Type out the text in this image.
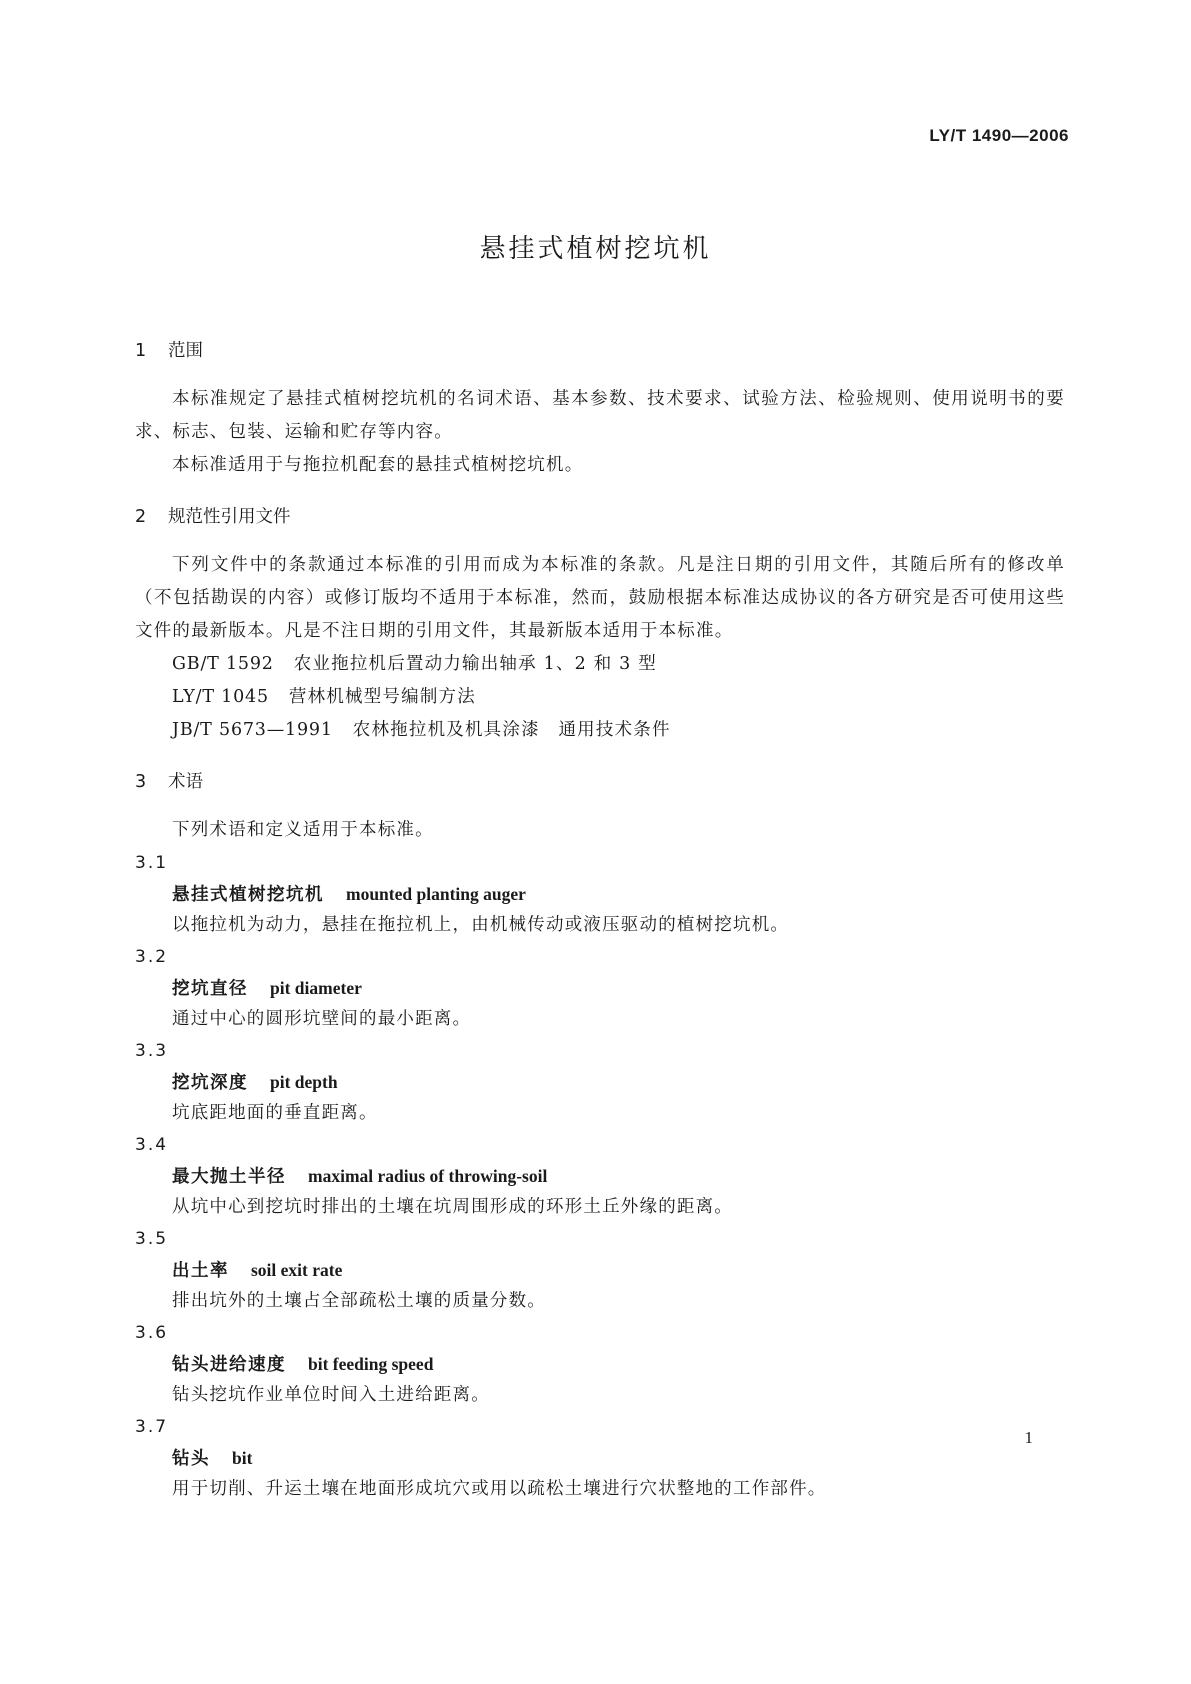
LY/T 1490—2006
悬挂式植树挖坑机
1 范围

本标准规定了悬挂式植树挖坑机的名词术语、基本参数、技术要求、试验方法、检验规则、使用说明书的要求、标志、包装、运输和贮存等内容。

本标准适用于与拖拉机配套的悬挂式植树挖坑机。

2 规范性引用文件

下列文件中的条款通过本标准的引用而成为本标准的条款。凡是注日期的引用文件，其随后所有的修改单（不包括勘误的内容）或修订版均不适用于本标准，然而，鼓励根据本标准达成协议的各方研究是否可使用这些文件的最新版本。凡是不注日期的引用文件，其最新版本适用于本标准。

GB/T 1592 农业拖拉机后置动力输出轴承 1、2 和 3 型
LY/T 1045 营林机械型号编制方法
JB/T 5673—1991 农林拖拉机及机具涂漆　通用技术条件
3 术语

下列术语和定义适用于本标准。

3.1
悬挂式植树挖坑机 mounted planting auger
以拖拉机为动力，悬挂在拖拉机上，由机械传动或液压驱动的植树挖坑机。
3.2
挖坑直径 pit diameter
通过中心的圆形坑壁间的最小距离。
3.3
挖坑深度 pit depth
坑底距地面的垂直距离。
3.4
最大抛土半径 maximal radius of throwing-soil
从坑中心到挖坑时排出的土壤在坑周围形成的环形土丘外缘的距离。
3.5
出土率 soil exit rate
排出坑外的土壤占全部疏松土壤的质量分数。
3.6
钻头进给速度 bit feeding speed
钻头挖坑作业单位时间入土进给距离。
3.7
钻头 bit
用于切削、升运土壤在地面形成坑穴或用以疏松土壤进行穴状整地的工作部件。
1
